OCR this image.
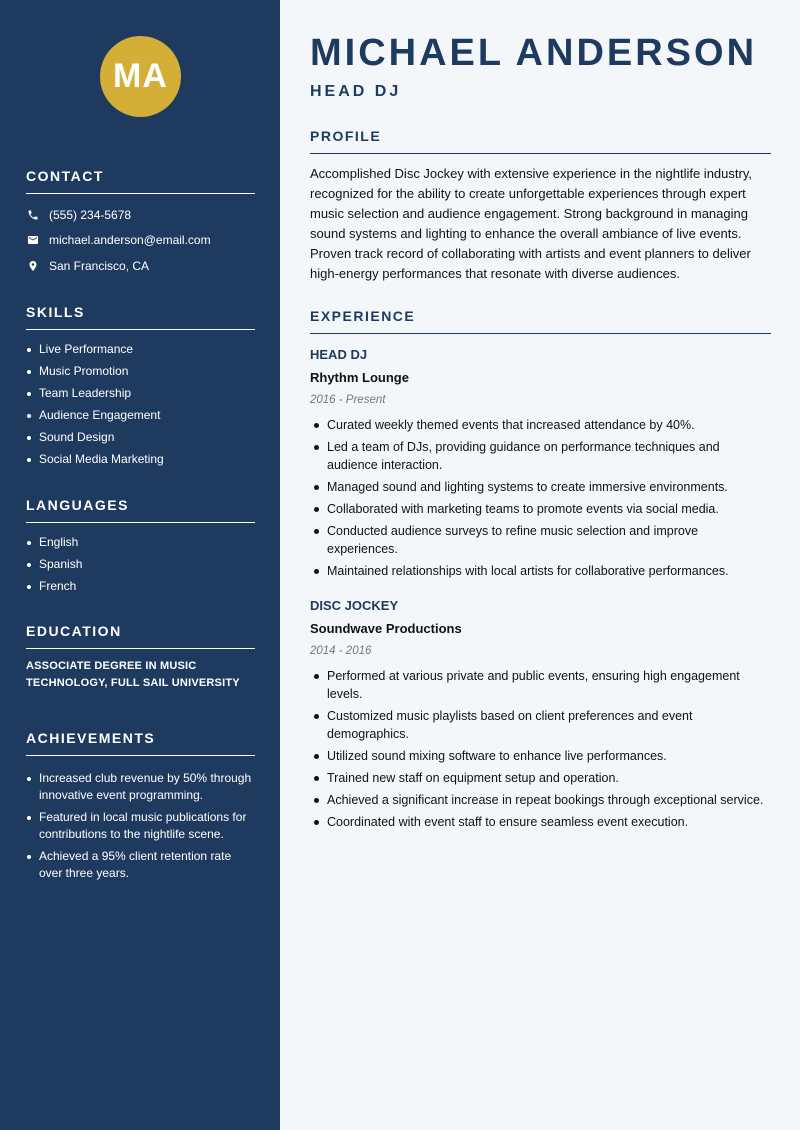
MA
CONTACT
(555) 234-5678
michael.anderson@email.com
San Francisco, CA
SKILLS
Live Performance
Music Promotion
Team Leadership
Audience Engagement
Sound Design
Social Media Marketing
LANGUAGES
English
Spanish
French
EDUCATION
ASSOCIATE DEGREE IN MUSIC
TECHNOLOGY, FULL SAIL UNIVERSITY
ACHIEVEMENTS
Increased club revenue by 50% through innovative event programming.
Featured in local music publications for contributions to the nightlife scene.
Achieved a 95% client retention rate over three years.
MICHAEL ANDERSON
HEAD DJ
PROFILE

Accomplished Disc Jockey with extensive experience in the nightlife industry, recognized for the ability to create unforgettable experiences through expert music selection and audience engagement. Strong background in managing sound systems and lighting to enhance the overall ambiance of live events. Proven track record of collaborating with artists and event planners to deliver high-energy performances that resonate with diverse audiences.

EXPERIENCE

HEAD DJ

Rhythm Lounge

2016 - Present

Curated weekly themed events that increased attendance by 40%.
Led a team of DJs, providing guidance on performance techniques and audience interaction.
Managed sound and lighting systems to create immersive environments.
Collaborated with marketing teams to promote events via social media.
Conducted audience surveys to refine music selection and improve experiences.
Maintained relationships with local artists for collaborative performances.

DISC JOCKEY

Soundwave Productions

2014 - 2016

Performed at various private and public events, ensuring high engagement levels.
Customized music playlists based on client preferences and event demographics.
Utilized sound mixing software to enhance live performances.
Trained new staff on equipment setup and operation.
Achieved a significant increase in repeat bookings through exceptional service.
Coordinated with event staff to ensure seamless event execution.
